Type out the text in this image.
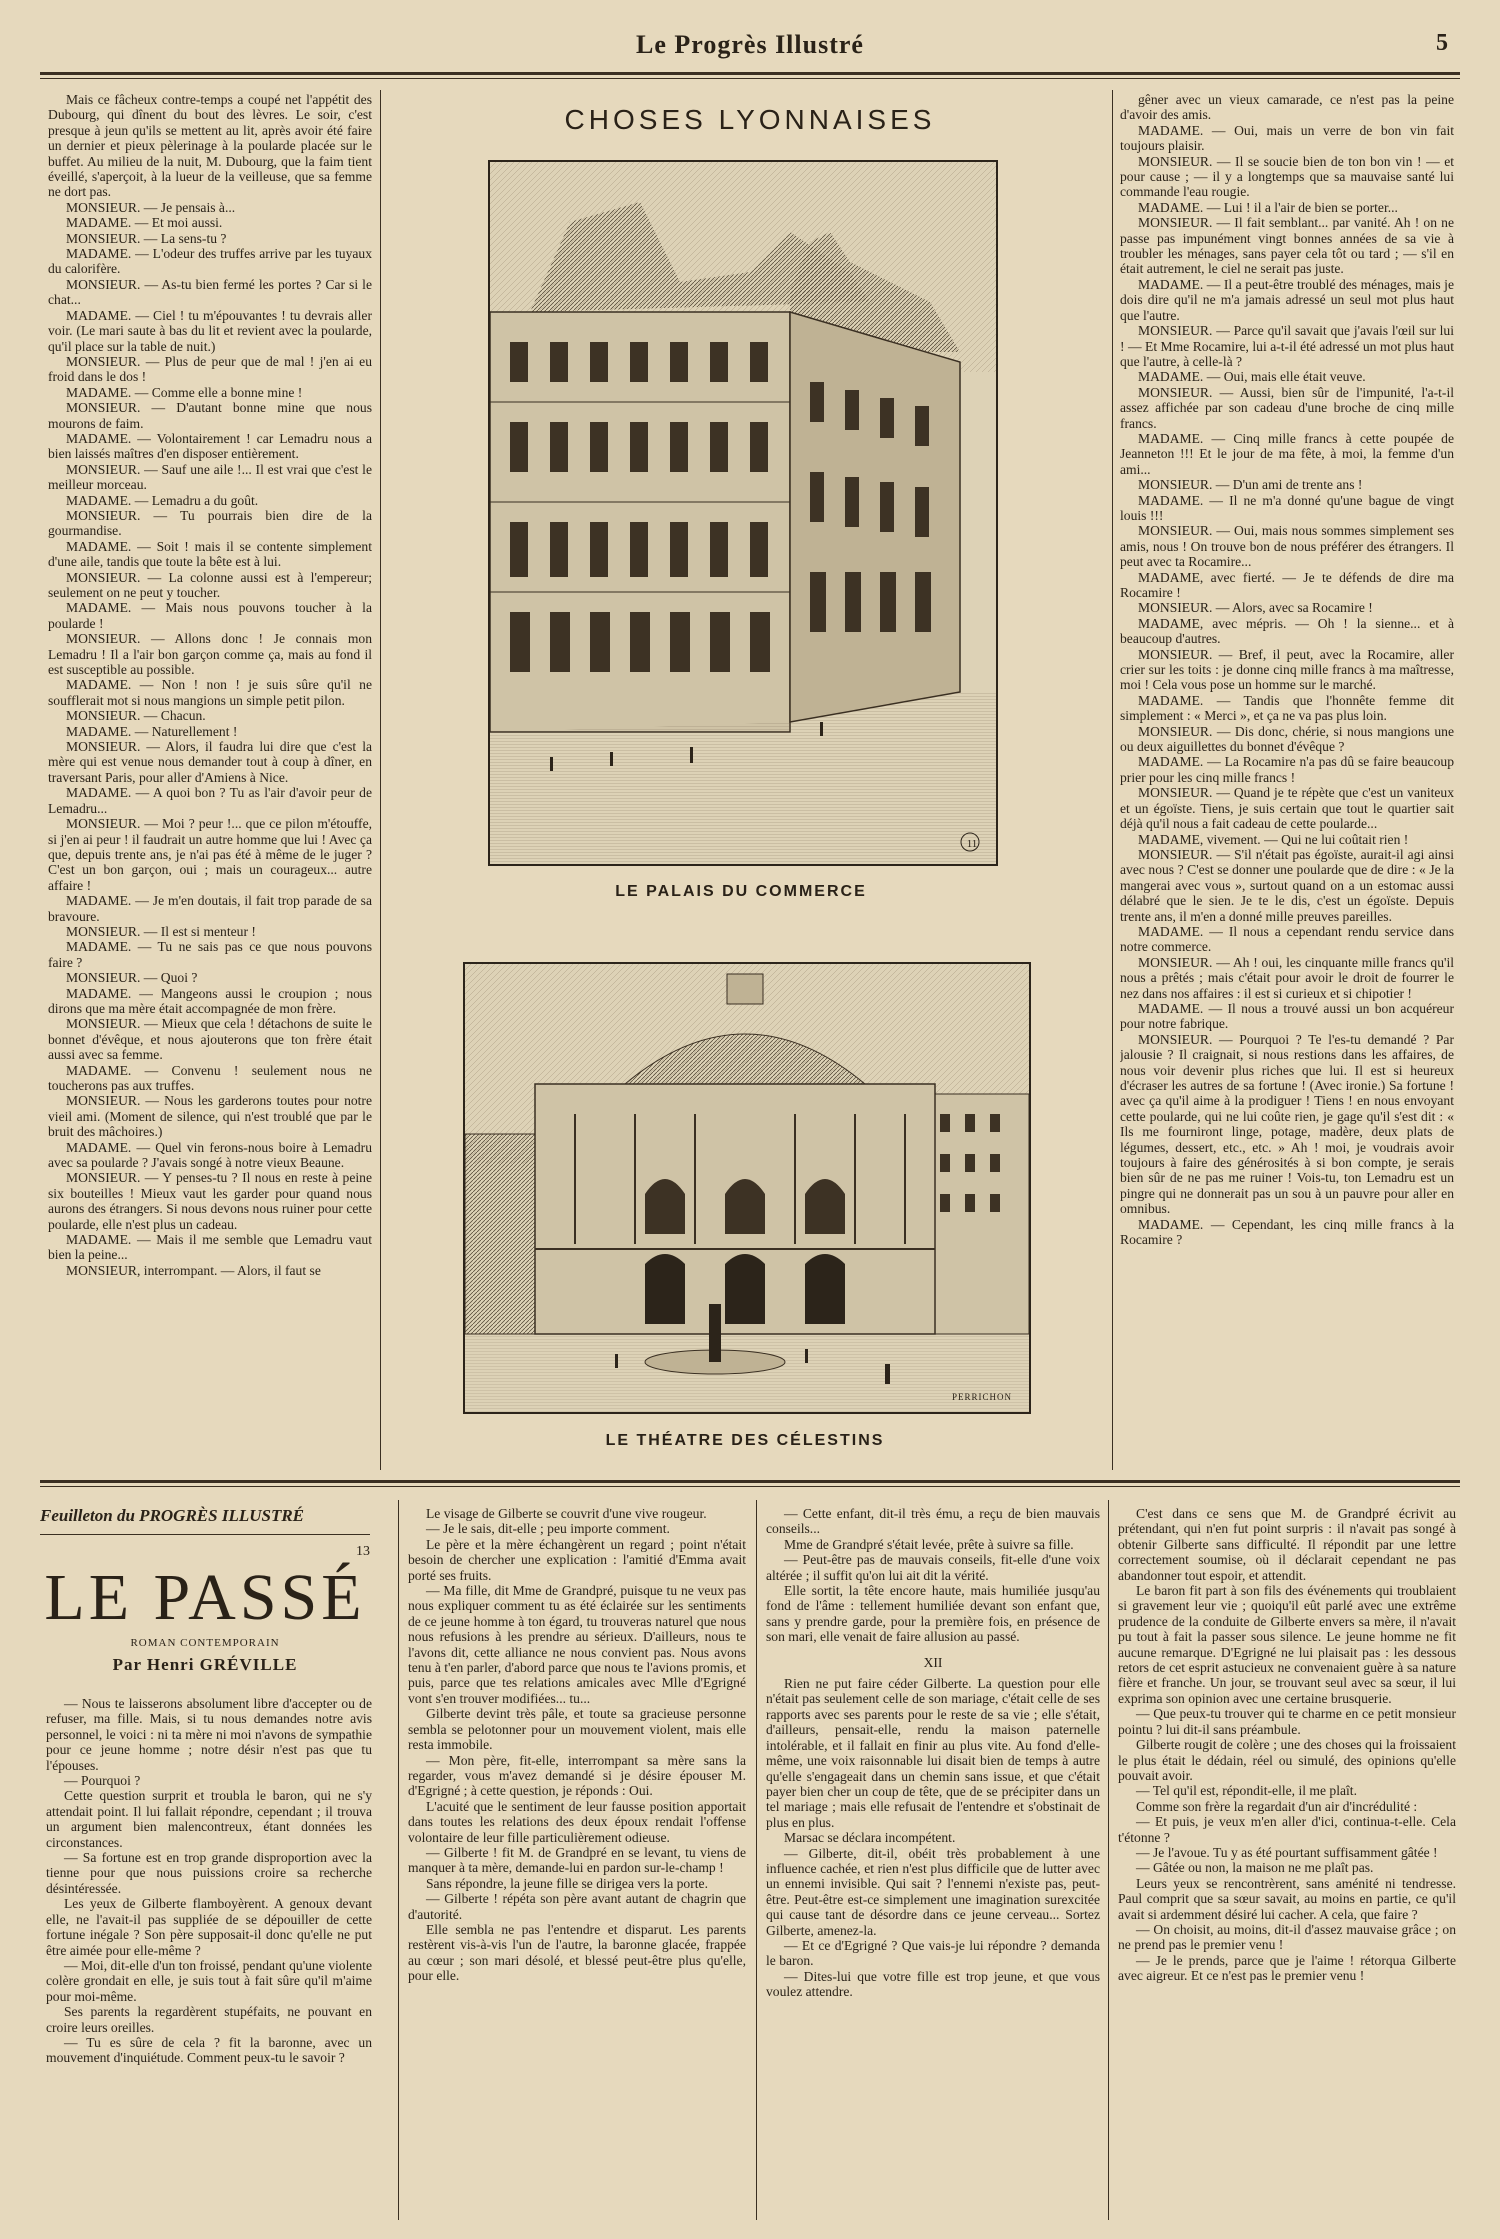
Le Progrès Illustré	5

Mais ce fâcheux contre-temps a coupé net l'appétit des Dubourg, qui dînent du bout des lèvres. Le soir, c'est presque à jeun qu'ils se mettent au lit, après avoir été faire un dernier et pieux pèlerinage à la poularde placée sur le buffet. Au milieu de la nuit, M. Dubourg, que la faim tient éveillé, s'aperçoit, à la lueur de la veilleuse, que sa femme ne dort pas.

MONSIEUR. — Je pensais à...

MADAME. — Et moi aussi.

MONSIEUR. — La sens-tu ?

MADAME. — L'odeur des truffes arrive par les tuyaux du calorifère.

MONSIEUR. — As-tu bien fermé les portes ? Car si le chat...

MADAME. — Ciel ! tu m'épouvantes ! tu devrais aller voir. (Le mari saute à bas du lit et revient avec la poularde, qu'il place sur la table de nuit.)

MONSIEUR. — Plus de peur que de mal ! j'en ai eu froid dans le dos !

MADAME. — Comme elle a bonne mine !

MONSIEUR. — D'autant bonne mine que nous mourons de faim.

MADAME. — Volontairement ! car Lemadru nous a bien laissés maîtres d'en disposer entièrement.

MONSIEUR. — Sauf une aile !... Il est vrai que c'est le meilleur morceau.

MADAME. — Lemadru a du goût.

MONSIEUR. — Tu pourrais bien dire de la gourmandise.

MADAME. — Soit ! mais il se contente simplement d'une aile, tandis que toute la bête est à lui.

MONSIEUR. — La colonne aussi est à l'empereur; seulement on ne peut y toucher.

MADAME. — Mais nous pouvons toucher à la poularde !

MONSIEUR. — Allons donc ! Je connais mon Lemadru ! Il a l'air bon garçon comme ça, mais au fond il est susceptible au possible.

MADAME. — Non ! non ! je suis sûre qu'il ne soufflerait mot si nous mangions un simple petit pilon.

MONSIEUR. — Chacun.

MADAME. — Naturellement !

MONSIEUR. — Alors, il faudra lui dire que c'est la mère qui est venue nous demander tout à coup à dîner, en traversant Paris, pour aller d'Amiens à Nice.

MADAME. — A quoi bon ? Tu as l'air d'avoir peur de Lemadru...

MONSIEUR. — Moi ? peur !... que ce pilon m'étouffe, si j'en ai peur ! il faudrait un autre homme que lui ! Avec ça que, depuis trente ans, je n'ai pas été à même de le juger ? C'est un bon garçon, oui ; mais un courageux... autre affaire !

MADAME. — Je m'en doutais, il fait trop parade de sa bravoure.

MONSIEUR. — Il est si menteur !

MADAME. — Tu ne sais pas ce que nous pouvons faire ?

MONSIEUR. — Quoi ?

MADAME. — Mangeons aussi le croupion ; nous dirons que ma mère était accompagnée de mon frère.

MONSIEUR. — Mieux que cela ! détachons de suite le bonnet d'évêque, et nous ajouterons que ton frère était aussi avec sa femme.

MADAME. — Convenu ! seulement nous ne toucherons pas aux truffes.

MONSIEUR. — Nous les garderons toutes pour notre vieil ami. (Moment de silence, qui n'est troublé que par le bruit des mâchoires.)

MADAME. — Quel vin ferons-nous boire à Lemadru avec sa poularde ? J'avais songé à notre vieux Beaune.

MONSIEUR. — Y penses-tu ? Il nous en reste à peine six bouteilles ! Mieux vaut les garder pour quand nous aurons des étrangers. Si nous devons nous ruiner pour cette poularde, elle n'est plus un cadeau.

MADAME. — Mais il me semble que Lemadru vaut bien la peine...

MONSIEUR, interrompant. — Alors, il faut se

CHOSES LYONNAISES
11
LE PALAIS DU COMMERCE
PERRICHON
LE THÉATRE DES CÉLESTINS

gêner avec un vieux camarade, ce n'est pas la peine d'avoir des amis.

MADAME. — Oui, mais un verre de bon vin fait toujours plaisir.

MONSIEUR. — Il se soucie bien de ton bon vin ! — et pour cause ; — il y a longtemps que sa mauvaise santé lui commande l'eau rougie.

MADAME. — Lui ! il a l'air de bien se porter...

MONSIEUR. — Il fait semblant... par vanité. Ah ! on ne passe pas impunément vingt bonnes années de sa vie à troubler les ménages, sans payer cela tôt ou tard ; — s'il en était autrement, le ciel ne serait pas juste.

MADAME. — Il a peut-être troublé des ménages, mais je dois dire qu'il ne m'a jamais adressé un seul mot plus haut que l'autre.

MONSIEUR. — Parce qu'il savait que j'avais l'œil sur lui ! — Et Mme Rocamire, lui a-t-il été adressé un mot plus haut que l'autre, à celle-là ?

MADAME. — Oui, mais elle était veuve.

MONSIEUR. — Aussi, bien sûr de l'impunité, l'a-t-il assez affichée par son cadeau d'une broche de cinq mille francs.

MADAME. — Cinq mille francs à cette poupée de Jeanneton !!! Et le jour de ma fête, à moi, la femme d'un ami...

MONSIEUR. — D'un ami de trente ans !

MADAME. — Il ne m'a donné qu'une bague de vingt louis !!!

MONSIEUR. — Oui, mais nous sommes simplement ses amis, nous ! On trouve bon de nous préférer des étrangers. Il peut avec ta Rocamire...

MADAME, avec fierté. — Je te défends de dire ma Rocamire !

MONSIEUR. — Alors, avec sa Rocamire !

MADAME, avec mépris. — Oh ! la sienne... et à beaucoup d'autres.

MONSIEUR. — Bref, il peut, avec la Rocamire, aller crier sur les toits : je donne cinq mille francs à ma maîtresse, moi ! Cela vous pose un homme sur le marché.

MADAME. — Tandis que l'honnête femme dit simplement : « Merci », et ça ne va pas plus loin.

MONSIEUR. — Dis donc, chérie, si nous mangions une ou deux aiguillettes du bonnet d'évêque ?

MADAME. — La Rocamire n'a pas dû se faire beaucoup prier pour les cinq mille francs !

MONSIEUR. — Quand je te répète que c'est un vaniteux et un égoïste. Tiens, je suis certain que tout le quartier sait déjà qu'il nous a fait cadeau de cette poularde...

MADAME, vivement. — Qui ne lui coûtait rien !

MONSIEUR. — S'il n'était pas égoïste, aurait-il agi ainsi avec nous ? C'est se donner une poularde que de dire : « Je la mangerai avec vous », surtout quand on a un estomac aussi délabré que le sien. Je te le dis, c'est un égoïste. Depuis trente ans, il m'en a donné mille preuves pareilles.

MADAME. — Il nous a cependant rendu service dans notre commerce.

MONSIEUR. — Ah ! oui, les cinquante mille francs qu'il nous a prêtés ; mais c'était pour avoir le droit de fourrer le nez dans nos affaires : il est si curieux et si chipotier !

MADAME. — Il nous a trouvé aussi un bon acquéreur pour notre fabrique.

MONSIEUR. — Pourquoi ? Te l'es-tu demandé ? Par jalousie ? Il craignait, si nous restions dans les affaires, de nous voir devenir plus riches que lui. Il est si heureux d'écraser les autres de sa fortune ! (Avec ironie.) Sa fortune ! avec ça qu'il aime à la prodiguer ! Tiens ! en nous envoyant cette poularde, qui ne lui coûte rien, je gage qu'il s'est dit : « Ils me fourniront linge, potage, madère, deux plats de légumes, dessert, etc., etc. » Ah ! moi, je voudrais avoir toujours à faire des générosités à si bon compte, je serais bien sûr de ne pas me ruiner ! Vois-tu, ton Lemadru est un pingre qui ne donnerait pas un sou à un pauvre pour aller en omnibus.

MADAME. — Cependant, les cinq mille francs à la Rocamire ?

Feuilleton du PROGRÈS ILLUSTRÉ
13
LE PASSÉ
ROMAN CONTEMPORAIN
Par Henri GRÉVILLE

— Nous te laisserons absolument libre d'accepter ou de refuser, ma fille. Mais, si tu nous demandes notre avis personnel, le voici : ni ta mère ni moi n'avons de sympathie pour ce jeune homme ; notre désir n'est pas que tu l'épouses.

— Pourquoi ?

Cette question surprit et troubla le baron, qui ne s'y attendait point. Il lui fallait répondre, cependant ; il trouva un argument bien malencontreux, étant données les circonstances.

— Sa fortune est en trop grande disproportion avec la tienne pour que nous puissions croire sa recherche désintéressée.

Les yeux de Gilberte flamboyèrent. A genoux devant elle, ne l'avait-il pas suppliée de se dépouiller de cette fortune inégale ? Son père supposait-il donc qu'elle ne put être aimée pour elle-même ?

— Moi, dit-elle d'un ton froissé, pendant qu'une violente colère grondait en elle, je suis tout à fait sûre qu'il m'aime pour moi-même.

Ses parents la regardèrent stupéfaits, ne pouvant en croire leurs oreilles.

— Tu es sûre de cela ? fit la baronne, avec un mouvement d'inquiétude. Comment peux-tu le savoir ?

Le visage de Gilberte se couvrit d'une vive rougeur.

— Je le sais, dit-elle ; peu importe comment.

Le père et la mère échangèrent un regard ; point n'était besoin de chercher une explication : l'amitié d'Emma avait porté ses fruits.

— Ma fille, dit Mme de Grandpré, puisque tu ne veux pas nous expliquer comment tu as été éclairée sur les sentiments de ce jeune homme à ton égard, tu trouveras naturel que nous nous refusions à les prendre au sérieux. D'ailleurs, nous te l'avons dit, cette alliance ne nous convient pas. Nous avons tenu à t'en parler, d'abord parce que nous te l'avions promis, et puis, parce que tes relations amicales avec Mlle d'Egrigné vont s'en trouver modifiées... tu...

Gilberte devint très pâle, et toute sa gracieuse personne sembla se pelotonner pour un mouvement violent, mais elle resta immobile.

— Mon père, fit-elle, interrompant sa mère sans la regarder, vous m'avez demandé si je désire épouser M. d'Egrigné ; à cette question, je réponds : Oui.

L'acuité que le sentiment de leur fausse position apportait dans toutes les relations des deux époux rendait l'offense volontaire de leur fille particulièrement odieuse.

— Gilberte ! fit M. de Grandpré en se levant, tu viens de manquer à ta mère, demande-lui en pardon sur-le-champ !

Sans répondre, la jeune fille se dirigea vers la porte.

— Gilberte ! répéta son père avant autant de chagrin que d'autorité.

Elle sembla ne pas l'entendre et disparut. Les parents restèrent vis-à-vis l'un de l'autre, la baronne glacée, frappée au cœur ; son mari désolé, et blessé peut-être plus qu'elle, pour elle.

— Cette enfant, dit-il très ému, a reçu de bien mauvais conseils...

Mme de Grandpré s'était levée, prête à suivre sa fille.

— Peut-être pas de mauvais conseils, fit-elle d'une voix altérée ; il suffit qu'on lui ait dit la vérité.

Elle sortit, la tête encore haute, mais humiliée jusqu'au fond de l'âme : tellement humiliée devant son enfant que, sans y prendre garde, pour la première fois, en présence de son mari, elle venait de faire allusion au passé.

XII

Rien ne put faire céder Gilberte. La question pour elle n'était pas seulement celle de son mariage, c'était celle de ses rapports avec ses parents pour le reste de sa vie ; elle s'était, d'ailleurs, pensait-elle, rendu la maison paternelle intolérable, et il fallait en finir au plus vite. Au fond d'elle-même, une voix raisonnable lui disait bien de temps à autre qu'elle s'engageait dans un chemin sans issue, et que c'était payer bien cher un coup de tête, que de se précipiter dans un tel mariage ; mais elle refusait de l'entendre et s'obstinait de plus en plus.

Marsac se déclara incompétent.

— Gilberte, dit-il, obéit très probablement à une influence cachée, et rien n'est plus difficile que de lutter avec un ennemi invisible. Qui sait ? l'ennemi n'existe pas, peut-être. Peut-être est-ce simplement une imagination surexcitée qui cause tant de désordre dans ce jeune cerveau... Sortez Gilberte, amenez-la.

— Et ce d'Egrigné ? Que vais-je lui répondre ? demanda le baron.

— Dites-lui que votre fille est trop jeune, et que vous voulez attendre.

C'est dans ce sens que M. de Grandpré écrivit au prétendant, qui n'en fut point surpris : il n'avait pas songé à obtenir Gilberte sans difficulté. Il répondit par une lettre correctement soumise, où il déclarait cependant ne pas abandonner tout espoir, et attendit.

Le baron fit part à son fils des événements qui troublaient si gravement leur vie ; quoiqu'il eût parlé avec une extrême prudence de la conduite de Gilberte envers sa mère, il n'avait pu tout à fait la passer sous silence. Le jeune homme ne fit aucune remarque. D'Egrigné ne lui plaisait pas : les dessous retors de cet esprit astucieux ne convenaient guère à sa nature fière et franche. Un jour, se trouvant seul avec sa sœur, il lui exprima son opinion avec une certaine brusquerie.

— Que peux-tu trouver qui te charme en ce petit monsieur pointu ? lui dit-il sans préambule.

Gilberte rougit de colère ; une des choses qui la froissaient le plus était le dédain, réel ou simulé, des opinions qu'elle pouvait avoir.

— Tel qu'il est, répondit-elle, il me plaît.

Comme son frère la regardait d'un air d'incrédulité :

— Et puis, je veux m'en aller d'ici, continua-t-elle. Cela t'étonne ?

— Je l'avoue. Tu y as été pourtant suffisamment gâtée !

— Gâtée ou non, la maison ne me plaît pas.

Leurs yeux se rencontrèrent, sans aménité ni tendresse. Paul comprit que sa sœur savait, au moins en partie, ce qu'il avait si ardemment désiré lui cacher. A cela, que faire ?

— On choisit, au moins, dit-il d'assez mauvaise grâce ; on ne prend pas le premier venu !

— Je le prends, parce que je l'aime ! rétorqua Gilberte avec aigreur. Et ce n'est pas le premier venu !
